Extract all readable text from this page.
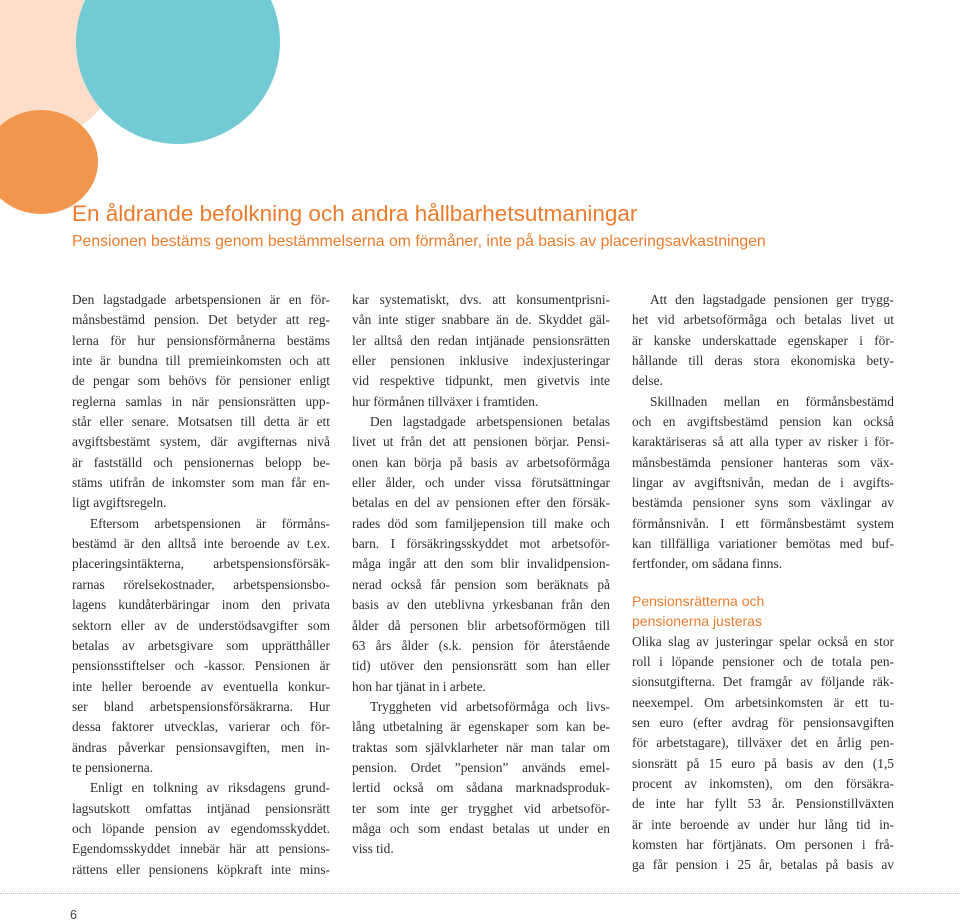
En åldrande befolkning och andra hållbarhetsutmaningar
Pensionen bestäms genom bestämmelserna om förmåner, inte på basis av placeringsavkastningen
Den lagstadgade arbetspensionen är en för-
månsbestämd pension. Det betyder att reg-
lerna för hur pensionsförmånerna bestäms
inte är bundna till premieinkomsten och att
de pengar som behövs för pensioner enligt
reglerna samlas in när pensionsrätten upp-
står eller senare. Motsatsen till detta är ett
avgiftsbestämt system, där avgifternas nivå
är fastställd och pensionernas belopp be-
stäms utifrån de inkomster som man får en-
ligt avgiftsregeln.
Eftersom arbetspensionen är förmåns-
bestämd är den alltså inte beroende av t.ex.
placeringsintäkterna, arbetspensionsförsäk-
rarnas rörelsekostnader, arbetspensionsbo-
lagens kundåterbäringar inom den privata
sektorn eller av de understödsavgifter som
betalas av arbetsgivare som upprätthåller
pensionsstiftelser och -kassor. Pensionen är
inte heller beroende av eventuella konkur-
ser bland arbetspensionsförsäkrarna. Hur
dessa faktorer utvecklas, varierar och för-
ändras påverkar pensionsavgiften, men in-
te pensionerna.
Enligt en tolkning av riksdagens grund-
lagsutskott omfattas intjänad pensionsrätt
och löpande pension av egendomsskyddet.
Egendomsskyddet innebär här att pensions-
rättens eller pensionens köpkraft inte mins-
kar systematiskt, dvs. att konsumentprisni-
vån inte stiger snabbare än de. Skyddet gäl-
ler alltså den redan intjänade pensionsrätten
eller pensionen inklusive indexjusteringar
vid respektive tidpunkt, men givetvis inte
hur förmånen tillväxer i framtiden.
Den lagstadgade arbetspensionen betalas
livet ut från det att pensionen börjar. Pensi-
onen kan börja på basis av arbetsoförmåga
eller ålder, och under vissa förutsättningar
betalas en del av pensionen efter den försäk-
rades död som familjepension till make och
barn. I försäkringsskyddet mot arbetsoför-
måga ingår att den som blir invalidpension-
nerad också får pension som beräknats på
basis av den uteblivna yrkesbanan från den
ålder då personen blir arbetsoförmögen till
63 års ålder (s.k. pension för återstående
tid) utöver den pensionsrätt som han eller
hon har tjänat in i arbete.
Tryggheten vid arbetsoförmåga och livs-
lång utbetalning är egenskaper som kan be-
traktas som självklarheter när man talar om
pension. Ordet ”pension” används emel-
lertid också om sådana marknadsproduk-
ter som inte ger trygghet vid arbetsoför-
måga och som endast betalas ut under en
viss tid.
Att den lagstadgade pensionen ger trygg-
het vid arbetsoförmåga och betalas livet ut
är kanske underskattade egenskaper i för-
hållande till deras stora ekonomiska bety-
delse.
Skillnaden mellan en förmånsbestämd
och en avgiftsbestämd pension kan också
karaktäriseras så att alla typer av risker i för-
månsbestämda pensioner hanteras som väx-
lingar av avgiftsnivån, medan de i avgifts-
bestämda pensioner syns som växlingar av
förmånsnivån. I ett förmånsbestämt system
kan tillfälliga variationer bemötas med buf-
fertfonder, om sådana finns.
Pensionsrätterna och
pensionerna justeras
Olika slag av justeringar spelar också en stor
roll i löpande pensioner och de totala pen-
sionsutgifterna. Det framgår av följande räk-
neexempel. Om arbetsinkomsten är ett tu-
sen euro (efter avdrag för pensionsavgiften
för arbetstagare), tillväxer det en årlig pen-
sionsrätt på 15 euro på basis av den (1,5
procent av inkomsten), om den försäkra-
de inte har fyllt 53 år. Pensionstillväxten
är inte beroende av under hur lång tid in-
komsten har förtjänats. Om personen i frå-
ga får pension i 25 år, betalas på basis av

6
